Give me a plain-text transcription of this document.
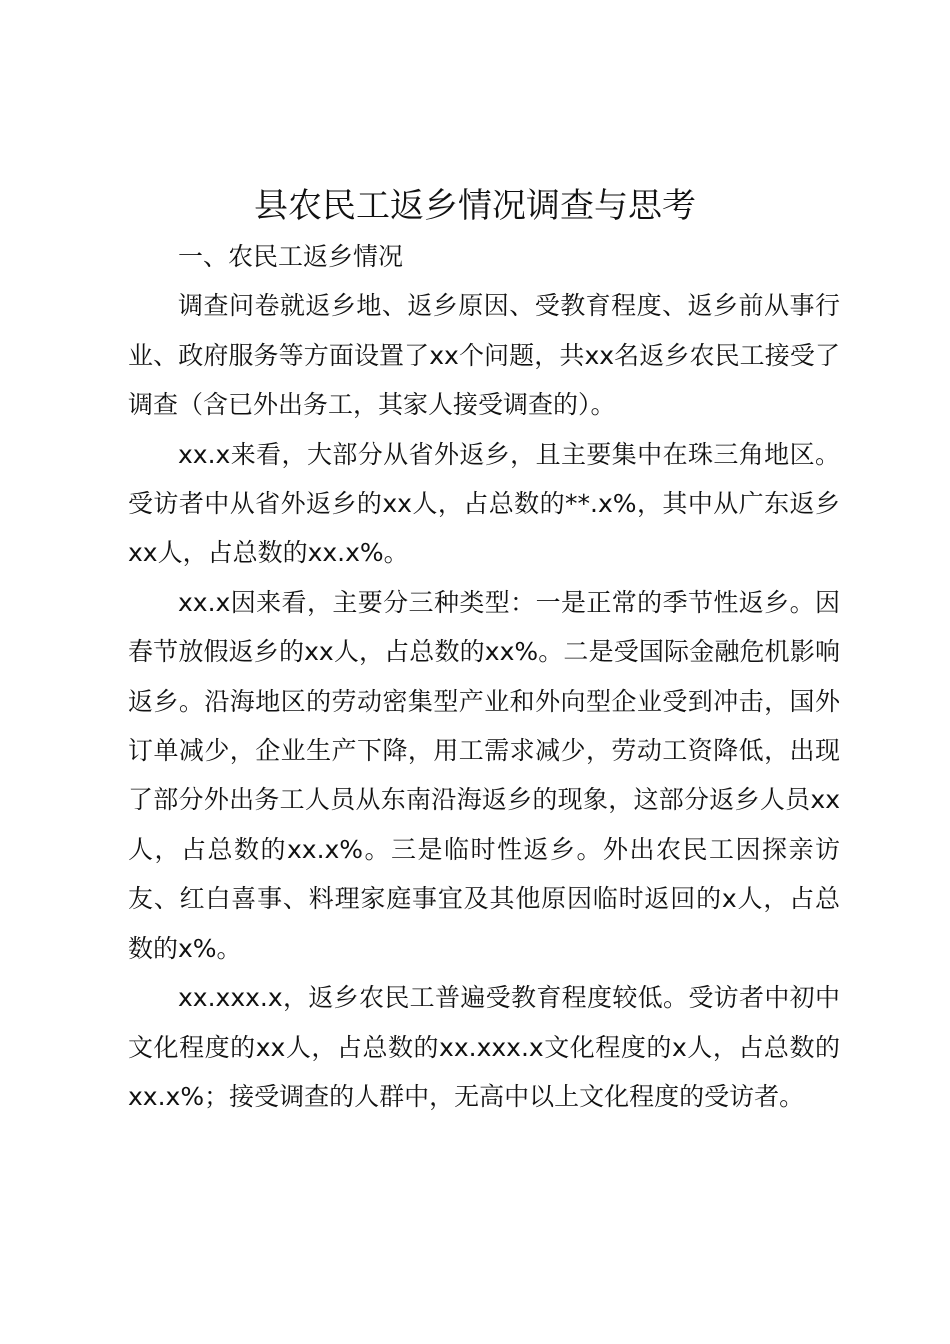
县农民工返乡情况调查与思考

一、农民工返乡情况

调查问卷就返乡地、返乡原因、受教育程度、返乡前从事行业、政府服务等方面设置了xx个问题，共xx名返乡农民工接受了调查（含已外出务工，其家人接受调查的）。

xx.x来看，大部分从省外返乡，且主要集中在珠三角地区。受访者中从省外返乡的xx人，占总数的**.x%，其中从广东返乡xx人，占总数的xx.x%。

xx.x因来看，主要分三种类型：一是正常的季节性返乡。因春节放假返乡的xx人，占总数的xx%。二是受国际金融危机影响返乡。沿海地区的劳动密集型产业和外向型企业受到冲击，国外订单减少，企业生产下降，用工需求减少，劳动工资降低，出现了部分外出务工人员从东南沿海返乡的现象，这部分返乡人员xx人，占总数的xx.x%。三是临时性返乡。外出农民工因探亲访友、红白喜事、料理家庭事宜及其他原因临时返回的x人，占总数的x%。

xx.xxx.x，返乡农民工普遍受教育程度较低。受访者中初中文化程度的xx人，占总数的xx.xxx.x文化程度的x人，占总数的xx.x%；接受调查的人群中，无高中以上文化程度的受访者。
